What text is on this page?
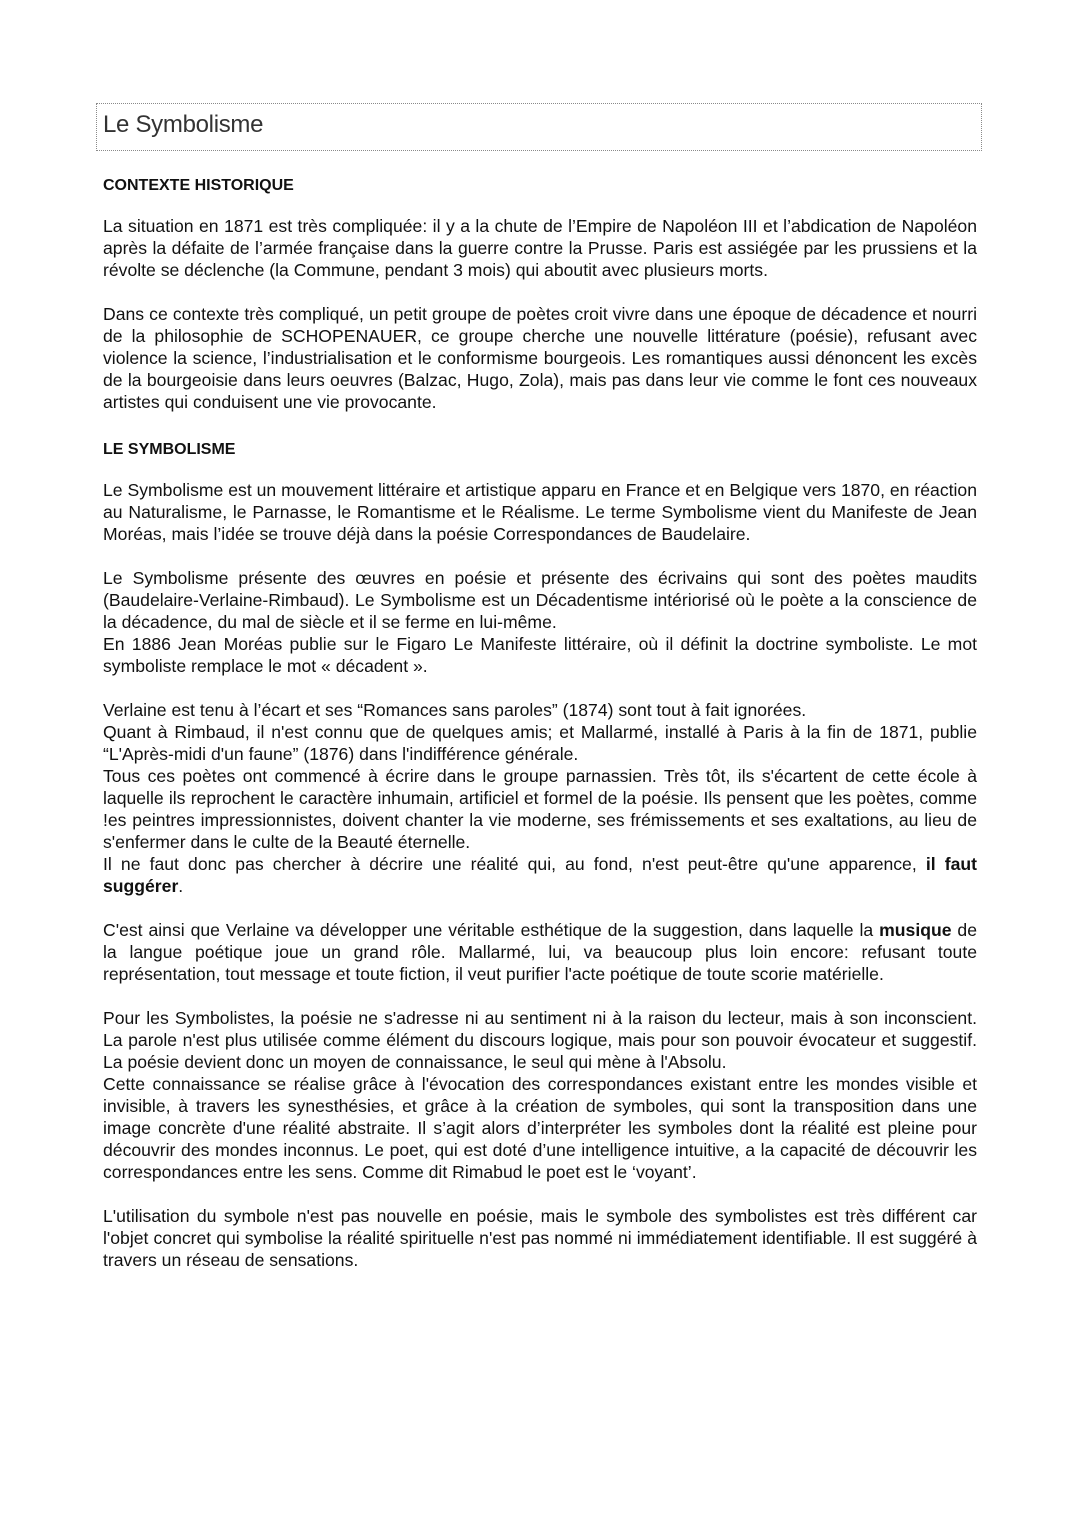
Le Symbolisme
CONTEXTE HISTORIQUE

La situation en 1871 est très compliquée: il y a la chute de l’Empire de Napoléon III et l’abdication de Napoléon après la défaite de l’armée française dans la guerre contre la Prusse. Paris est assiégée par les prussiens et la révolte se déclenche (la Commune, pendant 3 mois) qui aboutit avec plusieurs morts.

Dans ce contexte très compliqué, un petit groupe de poètes croit vivre dans une époque de décadence et nourri de la philosophie de SCHOPENAUER, ce groupe cherche une nouvelle littérature (poésie), refusant avec violence la science, l’industrialisation et le conformisme bourgeois. Les romantiques aussi dénoncent les excès de la bourgeoisie dans leurs oeuvres (Balzac, Hugo, Zola), mais pas dans leur vie comme le font ces nouveaux artistes qui conduisent une vie provocante.

LE SYMBOLISME

Le Symbolisme est un mouvement littéraire et artistique apparu en France et en Belgique vers 1870, en réaction au Naturalisme, le Parnasse, le Romantisme et le Réalisme. Le terme Symbolisme vient du Manifeste de Jean Moréas, mais l’idée se trouve déjà dans la poésie Correspondances de Baudelaire.

Le Symbolisme présente des œuvres en poésie et présente des écrivains qui sont des poètes maudits (Baudelaire-Verlaine-Rimbaud). Le Symbolisme est un Décadentisme intériorisé où le poète a la conscience de la décadence, du mal de siècle et il se ferme en lui-même.

En 1886 Jean Moréas publie sur le Figaro Le Manifeste littéraire, où il définit la doctrine symboliste. Le mot symboliste remplace le mot « décadent ».

Verlaine est tenu à l’écart et ses “Romances sans paroles” (1874) sont tout à fait ignorées.

Quant à Rimbaud, il n'est connu que de quelques amis; et Mallarmé, installé à Paris à la fin de 1871, publie “L'Après-midi d'un faune” (1876) dans l'indifférence générale.

Tous ces poètes ont commencé à écrire dans le groupe parnassien. Très tôt, ils s'écartent de cette école à laquelle ils reprochent le caractère inhumain, artificiel et formel de la poésie. Ils pensent que les poètes, comme !es peintres impressionnistes, doivent chanter la vie moderne, ses frémissements et ses exaltations, au lieu de s'enfermer dans le culte de la Beauté éternelle.

Il ne faut donc pas chercher à décrire une réalité qui, au fond, n'est peut-être qu'une apparence, il faut suggérer.

C'est ainsi que Verlaine va développer une véritable esthétique de la suggestion, dans laquelle la musique de la langue poétique joue un grand rôle. Mallarmé, lui, va beaucoup plus loin encore: refusant toute représentation, tout message et toute fiction, il veut purifier l'acte poétique de toute scorie matérielle.

Pour les Symbolistes, la poésie ne s'adresse ni au sentiment ni à la raison du lecteur, mais à son inconscient. La parole n'est plus utilisée comme élément du discours logique, mais pour son pouvoir évocateur et suggestif. La poésie devient donc un moyen de connaissance, le seul qui mène à l'Absolu.

Cette connaissance se réalise grâce à l'évocation des correspondances existant entre les mondes visible et invisible, à travers les synesthésies, et grâce à la création de symboles, qui sont la transposition dans une image concrète d'une réalité abstraite. Il s’agit alors d’interpréter les symboles dont la réalité est pleine pour découvrir des mondes inconnus. Le poet, qui est doté d’une intelligence intuitive, a la capacité de découvrir les correspondances entre les sens. Comme dit Rimabud le poet est le ‘voyant’.

L'utilisation du symbole n'est pas nouvelle en poésie, mais le symbole des symbolistes est très différent car l'objet concret qui symbolise la réalité spirituelle n'est pas nommé ni immédiatement identifiable. Il est suggéré à travers un réseau de sensations.
